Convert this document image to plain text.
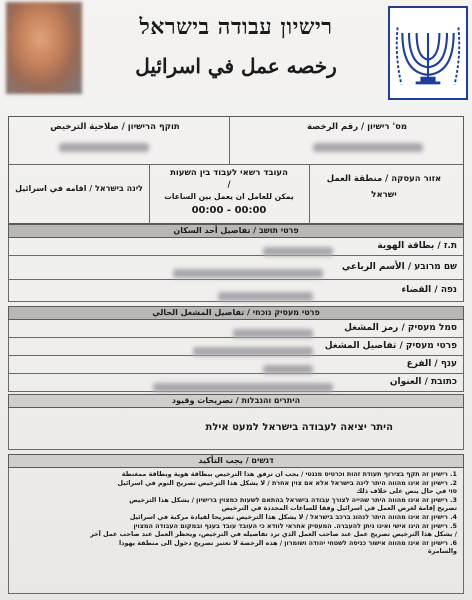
רישיון עבודה בישראל
رخصه عمل في اسرائيل
מס' רישיון / رقم الرخصة
תוקף הרישיון / صلاحية الترخيص
אזור העסקה / منطقة العمل
ישראל
העובד רשאי לעבוד בין השעות
/
يمكن للعامل ان يعمل بين الساعات
00:00 - 00:00
לינה בישראל / اقامه في اسرائيل
פרטי תושב / تفاصيل أحد السكان
ת.ז / بطاقة الهوية
שם מרובע / الأسم الرباعي
נפה / القضاء
פרטי מעסיק נוכחי / تفاصيل المشغل الحالي
סמל מעסיק / رمز المشغل
פרטי מעסיק / تفاصيل المشغل
ענף / الفرع
כתובת / العنوان
היתרים והגבלות / تصريحات وقيود
היתר יציאה לעבודה בישראל למעט אילת
דגשים / يجب التأكيد

1. רישיון זה תקף בצירוף תעודת זהות וכרטיס מגנטי / يجب ان ترفق هذا الترخيص ببطاقة هوية وبطاقة ممغنطة

2. רישיון זה אינו מהווה היתר לינה בישראל אלא אם צוין אחרת / لا يشكل هذا الترخيص تصريح النوم في اسرائيل

סוי في حال ينص على خلاف ذلك

3. רישיון זה אינו מהווה היתר שהייה לצורך עבודה בישראל בהתאם לשעות כמצוין ברישיון / يشكل هذا الترخيص

تصريح إقامة لغرض العمل في اسرائيل وفقا للساعات المحددة في الترخيص

4. רישיון זה אינו מהווה היתר לנהוג ברכב בישראל / لا يشكل هذا الترخيص تصريحا لقيادة مركبة في اسرائيل

5. רישיון זה הינו אישי ואינו ניתן להעברה. המעסיק אחראי לוודא כי העובד עובד בענף ובמקום העבודה המצוין

/ يشكل هذا الترخيص تصريح عمل عند صاحب العمل الذي ترد تفاصيله في الترخيص، ويحظر العمل عند صاحب عمل آخر

6. רישיון זה אינו מהווה אישור כניסה לשטחי יהודה ושומרון / هذه الرخصة لا تعتبر تصريح دخول الى منطقة يهودا

والسامرة
